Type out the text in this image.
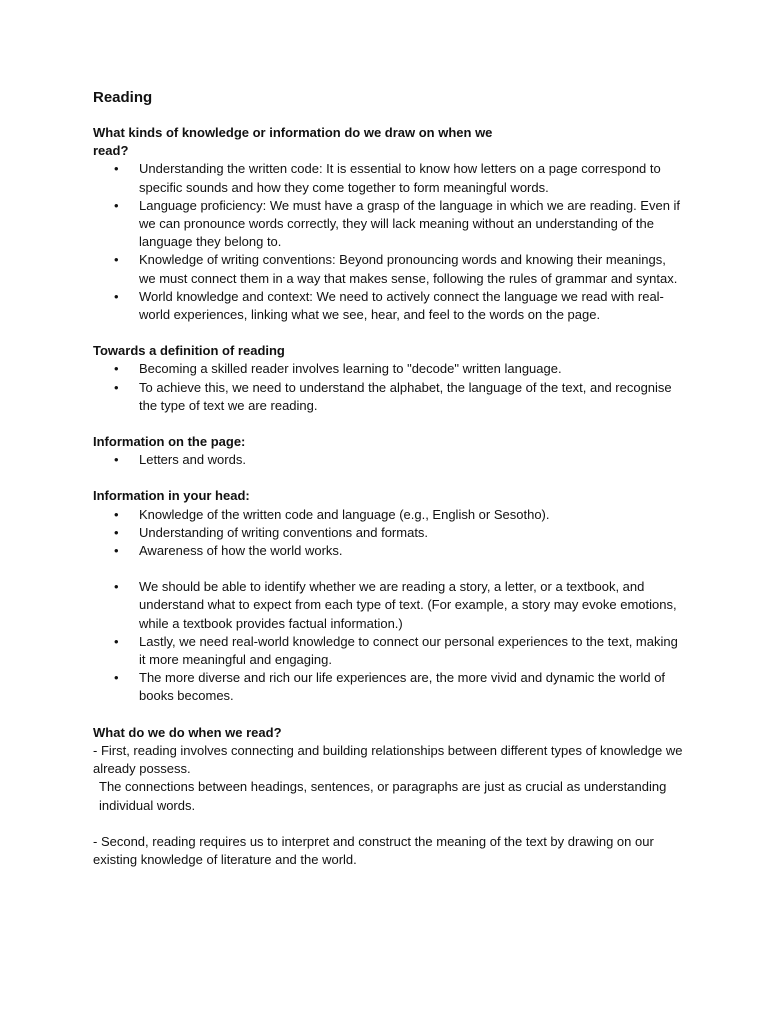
Reading

What kinds of knowledge or information do we draw on when we read?

• Understanding the written code: It is essential to know how letters on a page correspond to specific sounds and how they come together to form meaningful words.
• Language proficiency: We must have a grasp of the language in which we are reading. Even if we can pronounce words correctly, they will lack meaning without an understanding of the language they belong to.
• Knowledge of writing conventions: Beyond pronouncing words and knowing their meanings, we must connect them in a way that makes sense, following the rules of grammar and syntax.
• World knowledge and context: We need to actively connect the language we read with real-world experiences, linking what we see, hear, and feel to the words on the page.

Towards a definition of reading

• Becoming a skilled reader involves learning to "decode" written language.
• To achieve this, we need to understand the alphabet, the language of the text, and recognise the type of text we are reading.

Information on the page:

• Letters and words.

Information in your head:

• Knowledge of the written code and language (e.g., English or Sesotho).
• Understanding of writing conventions and formats.
• Awareness of how the world works.
• We should be able to identify whether we are reading a story, a letter, or a textbook, and understand what to expect from each type of text. (For example, a story may evoke emotions, while a textbook provides factual information.)
• Lastly, we need real-world knowledge to connect our personal experiences to the text, making it more meaningful and engaging.
• The more diverse and rich our life experiences are, the more vivid and dynamic the world of books becomes.

What do we do when we read?

- First, reading involves connecting and building relationships between different types of knowledge we already possess.

The connections between headings, sentences, or paragraphs are just as crucial as understanding individual words.

- Second, reading requires us to interpret and construct the meaning of the text by drawing on our existing knowledge of literature and the world.
